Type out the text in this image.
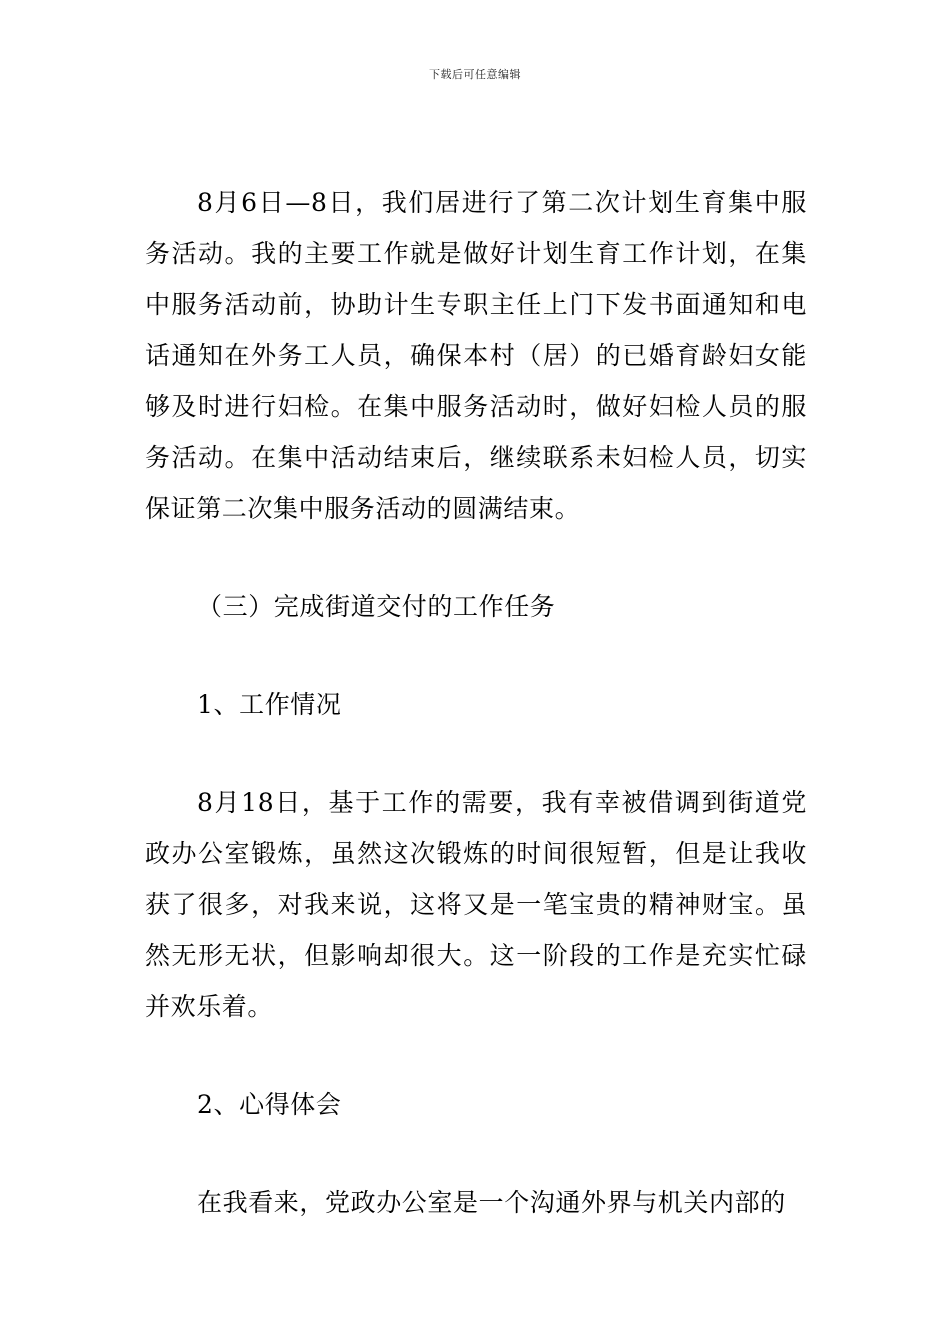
下载后可任意编辑

8月6日—8日，我们居进行了第二次计划生育集中服务活动。我的主要工作就是做好计划生育工作计划，在集中服务活动前，协助计生专职主任上门下发书面通知和电话通知在外务工人员，确保本村（居）的已婚育龄妇女能够及时进行妇检。在集中服务活动时，做好妇检人员的服务活动。在集中活动结束后，继续联系未妇检人员，切实保证第二次集中服务活动的圆满结束。

（三）完成街道交付的工作任务

1、工作情况

8月18日，基于工作的需要，我有幸被借调到街道党政办公室锻炼，虽然这次锻炼的时间很短暂，但是让我收获了很多，对我来说，这将又是一笔宝贵的精神财宝。虽然无形无状，但影响却很大。这一阶段的工作是充实忙碌并欢乐着。

2、心得体会

在我看来，党政办公室是一个沟通外界与机关内部的
